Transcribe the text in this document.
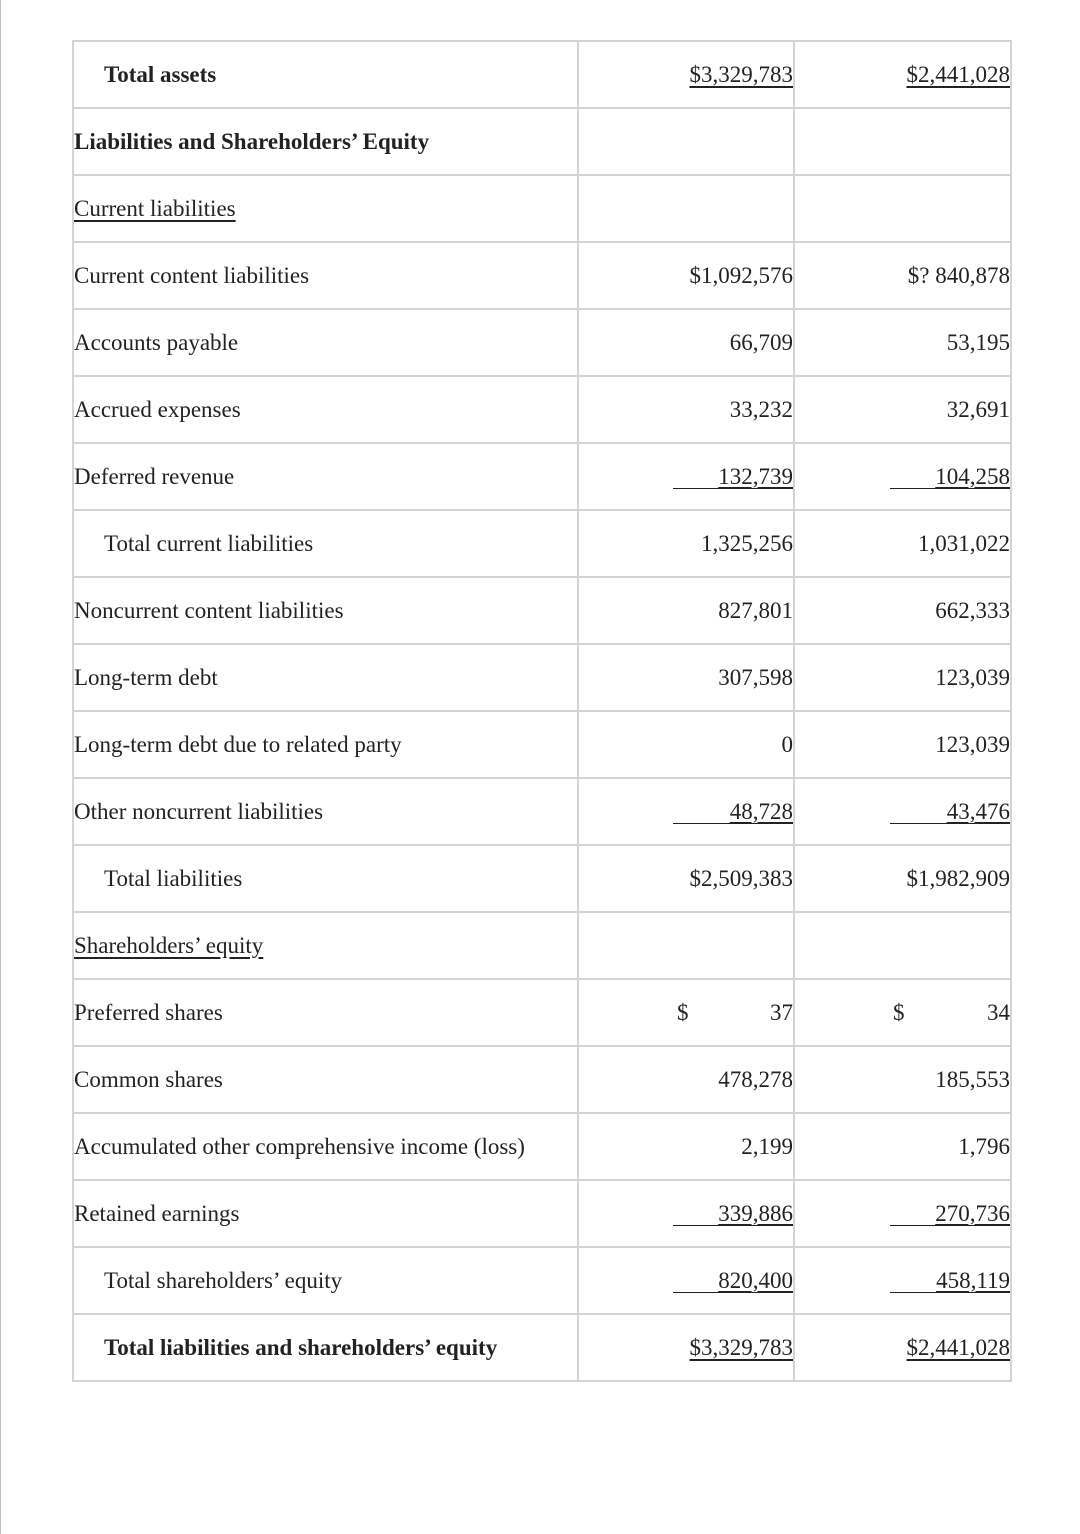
Total assets	$3,329,783	$2,441,028
Liabilities and Shareholders’ Equity		
Current liabilities		
Current content liabilities	$1,092,576	$? 840,878
Accounts payable	66,709	53,195
Accrued expenses	33,232	32,691
Deferred revenue	132,739	104,258
Total current liabilities	1,325,256	1,031,022
Noncurrent content liabilities	827,801	662,333
Long-term debt	307,598	123,039
Long-term debt due to related party	0	123,039
Other noncurrent liabilities	48,728	43,476
Total liabilities	$2,509,383	$1,982,909
Shareholders’ equity		
Preferred shares	$ 37	$ 34
Common shares	478,278	185,553
Accumulated other comprehensive income (loss)	2,199	1,796
Retained earnings	339,886	270,736
Total shareholders’ equity	820,400	458,119
Total liabilities and shareholders’ equity	$3,329,783	$2,441,028
